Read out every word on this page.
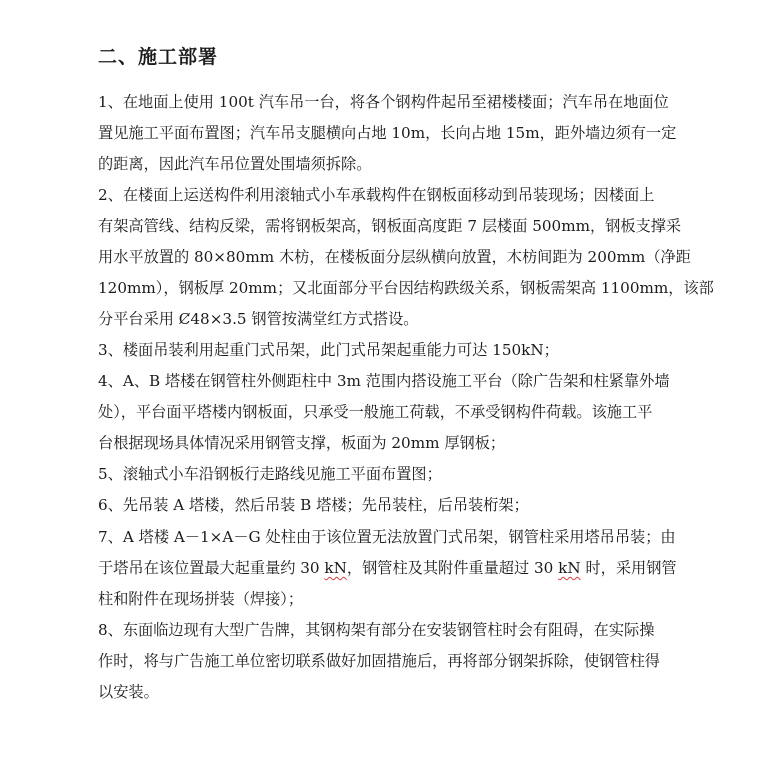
二、施工部署

1、在地面上使用 100t 汽车吊一台，将各个钢构件起吊至裙楼楼面；汽车吊在地面位

置见施工平面布置图；汽车吊支腿横向占地 10m，长向占地 15m，距外墙边须有一定

的距离，因此汽车吊位置处围墙须拆除。

2、在楼面上运送构件利用滚轴式小车承载构件在钢板面移动到吊装现场；因楼面上

有架高管线、结构反梁，需将钢板架高，钢板面高度距 7 层楼面 500mm，钢板支撑采

用水平放置的 80×80mm 木枋，在楼板面分层纵横向放置，木枋间距为 200mm（净距

120mm），钢板厚 20mm；又北面部分平台因结构跌级关系，钢板需架高 1100mm，该部

分平台采用 Ȼ48×3.5 钢管按满堂红方式搭设。

3、楼面吊装利用起重门式吊架，此门式吊架起重能力可达 150kN；

4、A、B 塔楼在钢管柱外侧距柱中 3m 范围内搭设施工平台（除广告架和柱紧靠外墙

处），平台面平塔楼内钢板面，只承受一般施工荷载，不承受钢构件荷载。该施工平

台根据现场具体情况采用钢管支撑，板面为 20mm 厚钢板；

5、滚轴式小车沿钢板行走路线见施工平面布置图；

6、先吊装 A 塔楼，然后吊装 B 塔楼；先吊装柱，后吊装桁架；

7、A 塔楼 A－1×A－G 处柱由于该位置无法放置门式吊架，钢管柱采用塔吊吊装；由

于塔吊在该位置最大起重量约 30 kN，钢管柱及其附件重量超过 30 kN 时，采用钢管

柱和附件在现场拼装（焊接）；

8、东面临边现有大型广告牌，其钢构架有部分在安装钢管柱时会有阻碍，在实际操

作时，将与广告施工单位密切联系做好加固措施后，再将部分钢架拆除，使钢管柱得

以安装。
